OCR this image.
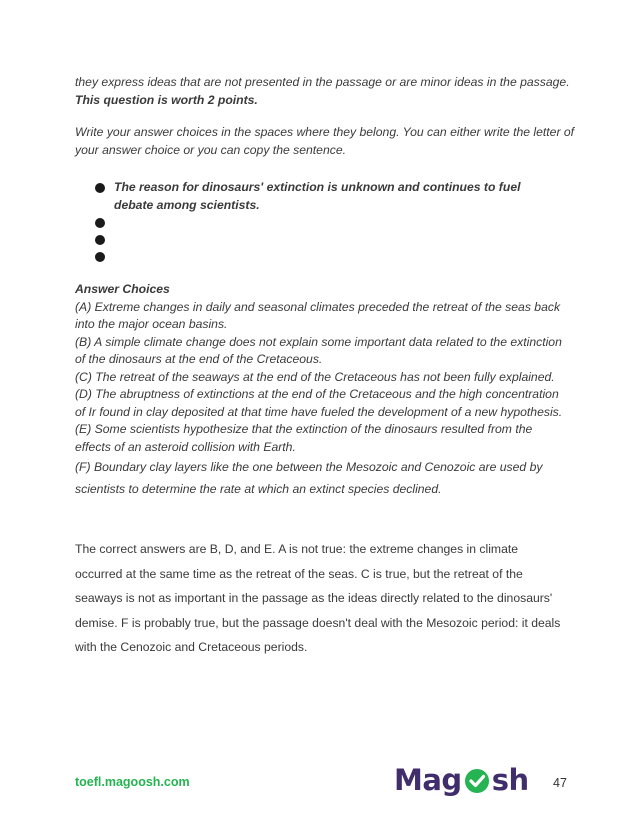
they express ideas that are not presented in the passage or are minor ideas in the passage. This question is worth 2 points.
Write your answer choices in the spaces where they belong. You can either write the letter of your answer choice or you can copy the sentence.
The reason for dinosaurs' extinction is unknown and continues to fuel debate among scientists.
Answer Choices

(A) Extreme changes in daily and seasonal climates preceded the retreat of the seas back into the major ocean basins.

(B) A simple climate change does not explain some important data related to the extinction of the dinosaurs at the end of the Cretaceous.

(C) The retreat of the seaways at the end of the Cretaceous has not been fully explained.

(D) The abruptness of extinctions at the end of the Cretaceous and the high concentration of Ir found in clay deposited at that time have fueled the development of a new hypothesis.

(E) Some scientists hypothesize that the extinction of the dinosaurs resulted from the effects of an asteroid collision with Earth.

(F) Boundary clay layers like the one between the Mesozoic and Cenozoic are used by scientists to determine the rate at which an extinct species declined.

The correct answers are B, D, and E. A is not true: the extreme changes in climate occurred at the same time as the retreat of the seas. C is true, but the retreat of the seaways is not as important in the passage as the ideas directly related to the dinosaurs' demise. F is probably true, but the passage doesn't deal with the Mesozoic period: it deals with the Cenozoic and Cretaceous periods.

toefl.magoosh.com	Mag sh 47
